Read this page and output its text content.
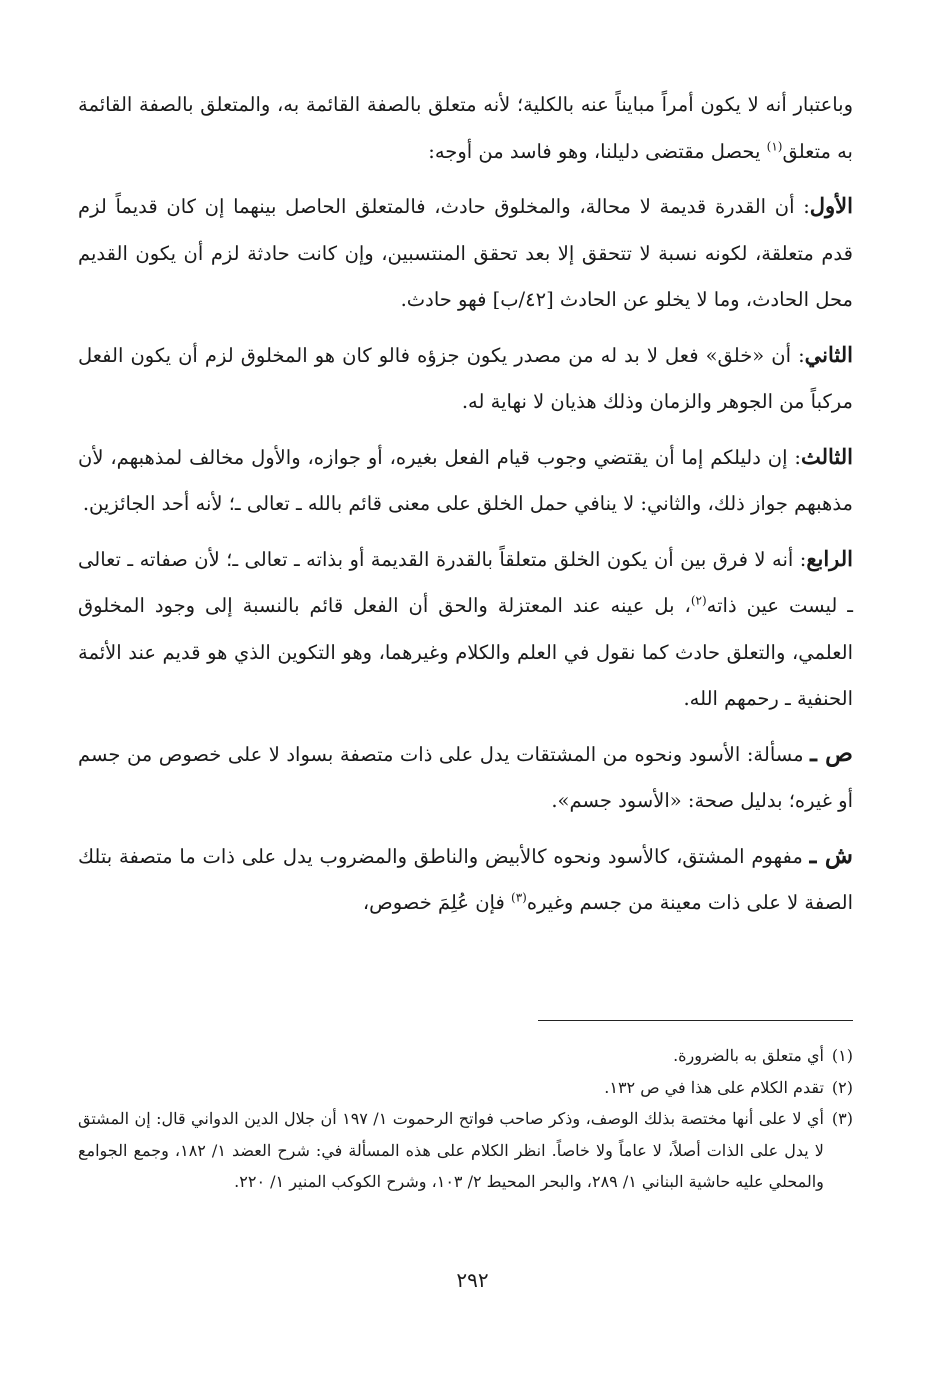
وباعتبار أنه لا يكون أمراً مبايناً عنه بالكلية؛ لأنه متعلق بالصفة القائمة به، والمتعلق بالصفة القائمة به متعلق$^{(١)}$ يحصل مقتضى دليلنا، وهو فاسد من أوجه:

الأول: أن القدرة قديمة لا محالة، والمخلوق حادث، فالمتعلق الحاصل بينهما إن كان قديماً لزم قدم متعلقة، لكونه نسبة لا تتحقق إلا بعد تحقق المنتسبين، وإن كانت حادثة لزم أن يكون القديم محل الحادث، وما لا يخلو عن الحادث [٤٢/ب] فهو حادث.

الثاني: أن «خلق» فعل لا بد له من مصدر يكون جزؤه فالو كان هو المخلوق لزم أن يكون الفعل مركباً من الجوهر والزمان وذلك هذيان لا نهاية له.

الثالث: إن دليلكم إما أن يقتضي وجوب قيام الفعل بغيره، أو جوازه، والأول مخالف لمذهبهم، لأن مذهبهم جواز ذلك، والثاني: لا ينافي حمل الخلق على معنى قائم بالله ـ تعالى ـ؛ لأنه أحد الجائزين.

الرابع: أنه لا فرق بين أن يكون الخلق متعلقاً بالقدرة القديمة أو بذاته ـ تعالى ـ؛ لأن صفاته ـ تعالى ـ ليست عين ذاته$^{(٢)}$، بل عينه عند المعتزلة والحق أن الفعل قائم بالنسبة إلى وجود المخلوق العلمي، والتعلق حادث كما نقول في العلم والكلام وغيرهما، وهو التكوين الذي هو قديم عند الأئمة الحنفية ـ رحمهم الله.

ص ـ مسألة: الأسود ونحوه من المشتقات يدل على ذات متصفة بسواد لا على خصوص من جسم أو غيره؛ بدليل صحة: «الأسود جسم».

ش ـ مفهوم المشتق، كالأسود ونحوه كالأبيض والناطق والمضروب يدل على ذات ما متصفة بتلك الصفة لا على ذات معينة من جسم وغيره$^{(٣)}$ فإن عُلِمَ خصوص،

(١)
أي متعلق به بالضرورة.
(٢)
تقدم الكلام على هذا في ص ١٣٢.
(٣)
أي لا على أنها مختصة بذلك الوصف، وذكر صاحب فواتح الرحموت ١/ ١٩٧ أن جلال الدين الدواني قال: إن المشتق لا يدل على الذات أصلاً، لا عاماً ولا خاصاً. انظر الكلام على هذه المسألة في: شرح العضد ١/ ١٨٢، وجمع الجوامع والمحلي عليه حاشية البناني ١/ ٢٨٩، والبحر المحيط ٢/ ١٠٣، وشرح الكوكب المنير ١/ ٢٢٠.
٢٩٢
